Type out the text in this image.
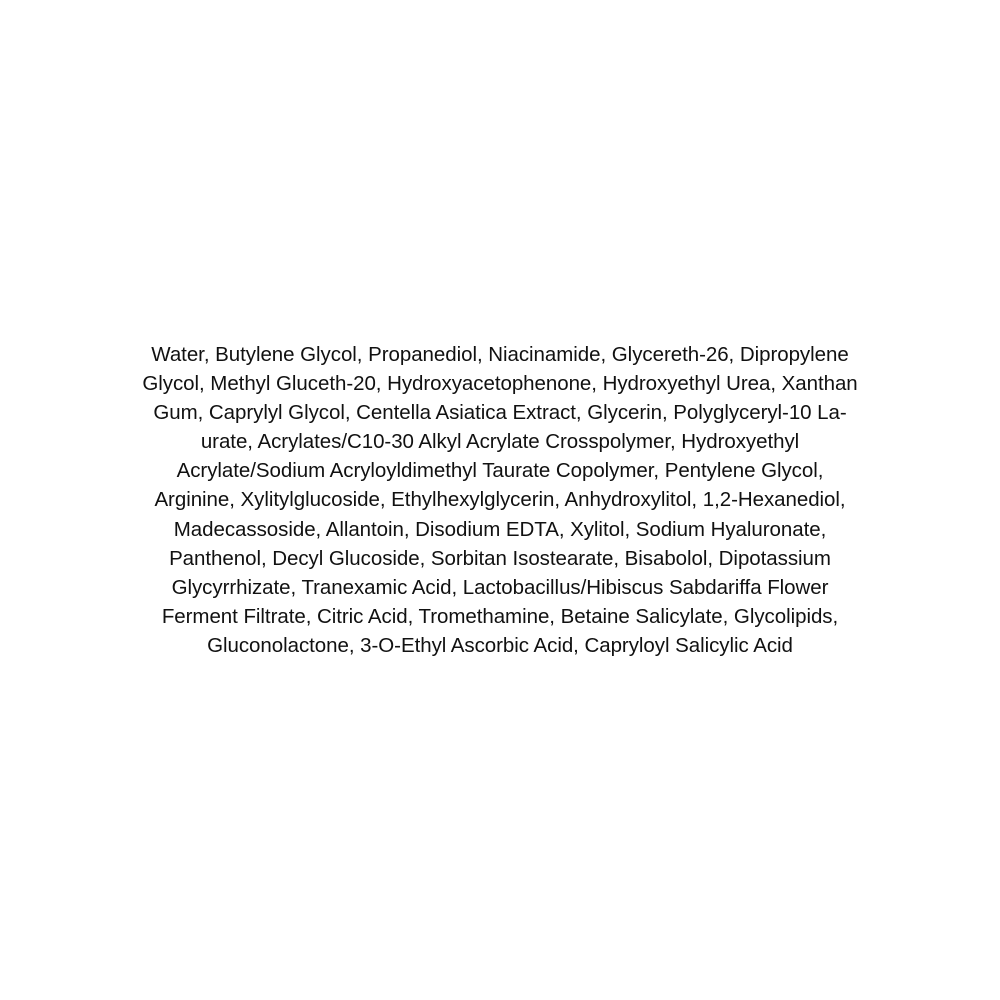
Water, Butylene Glycol, Propanediol, Niacinamide, Glycereth-26, Dipropylene
Glycol, Methyl Gluceth-20, Hydroxyacetophenone, Hydroxyethyl Urea, Xanthan
Gum, Caprylyl Glycol, Centella Asiatica Extract, Glycerin, Polyglyceryl-10 La-
urate, Acrylates/C10-30 Alkyl Acrylate Crosspolymer, Hydroxyethyl
Acrylate/Sodium Acryloyldimethyl Taurate Copolymer, Pentylene Glycol,
Arginine, Xylitylglucoside, Ethylhexylglycerin, Anhydroxylitol, 1,2-Hexanediol,
Madecassoside, Allantoin, Disodium EDTA, Xylitol, Sodium Hyaluronate,
Panthenol, Decyl Glucoside, Sorbitan Isostearate, Bisabolol, Dipotassium
Glycyrrhizate, Tranexamic Acid, Lactobacillus/Hibiscus Sabdariffa Flower
Ferment Filtrate, Citric Acid, Tromethamine, Betaine Salicylate, Glycolipids,
Gluconolactone, 3-O-Ethyl Ascorbic Acid, Capryloyl Salicylic Acid
